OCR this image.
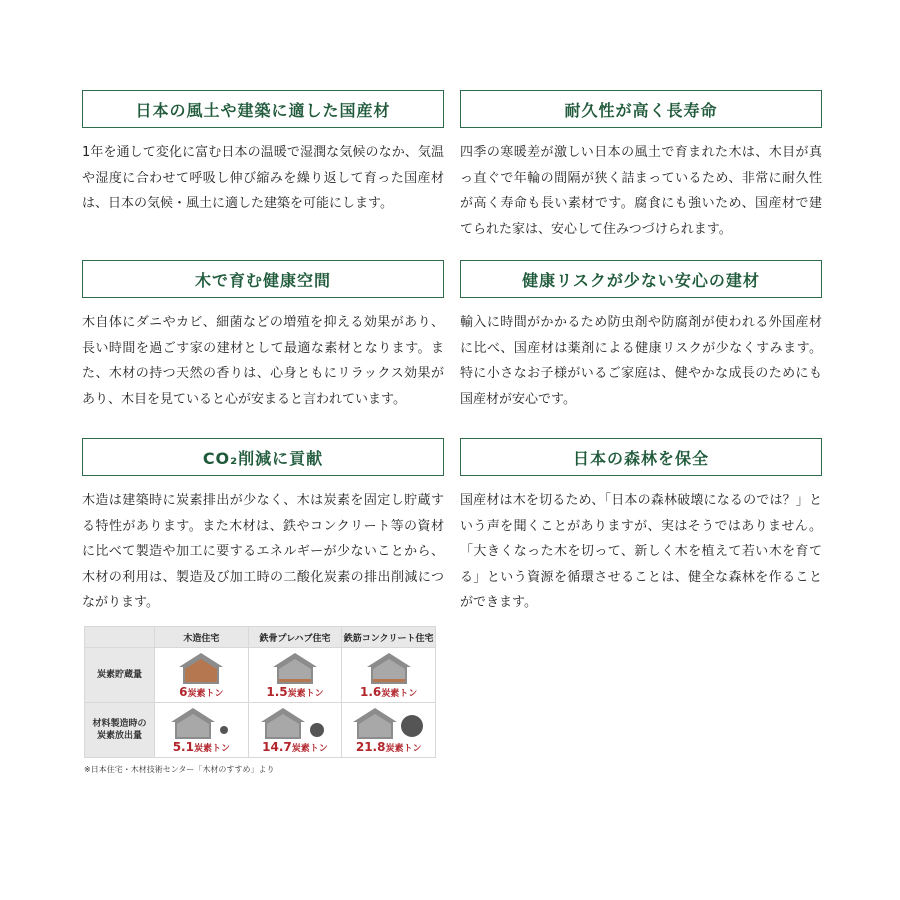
日本の風土や建築に適した国産材
1年を通して変化に富む日本の温暖で湿潤な気候のなか、気温や湿度に合わせて呼吸し伸び縮みを繰り返して育った国産材は、日本の気候・風土に適した建築を可能にします。
耐久性が高く長寿命
四季の寒暖差が激しい日本の風土で育まれた木は、木目が真っ直ぐで年輪の間隔が狭く詰まっているため、非常に耐久性が高く寿命も長い素材です。腐食にも強いため、国産材で建てられた家は、安心して住みつづけられます。
木で育む健康空間
木自体にダニやカビ、細菌などの増殖を抑える効果があり、長い時間を過ごす家の建材として最適な素材となります。また、木材の持つ天然の香りは、心身ともにリラックス効果があり、木目を見ていると心が安まると言われています。
健康リスクが少ない安心の建材
輸入に時間がかかるため防虫剤や防腐剤が使われる外国産材に比べ、国産材は薬剤による健康リスクが少なくすみます。特に小さなお子様がいるご家庭は、健やかな成長のためにも国産材が安心です。
CO₂削減に貢献
木造は建築時に炭素排出が少なく、木は炭素を固定し貯蔵する特性があります。また木材は、鉄やコンクリート等の資材に比べて製造や加工に要するエネルギーが少ないことから、木材の利用は、製造及び加工時の二酸化炭素の排出削減につながります。
日本の森林を保全
国産材は木を切るため、「日本の森林破壊になるのでは？」という声を聞くことがありますが、実はそうではありません。「大きくなった木を切って、新しく木を植えて若い木を育てる」という資源を循環させることは、健全な森林を作ることができます。
	木造住宅	鉄骨プレハブ住宅	鉄筋コンクリート住宅
炭素貯蔵量	6炭素トン	1.5炭素トン	1.6炭素トン

材料製造時の
炭素放出量	5.1炭素トン	14.7炭素トン	21.8炭素トン
※日本住宅・木材技術センター「木材のすすめ」より
